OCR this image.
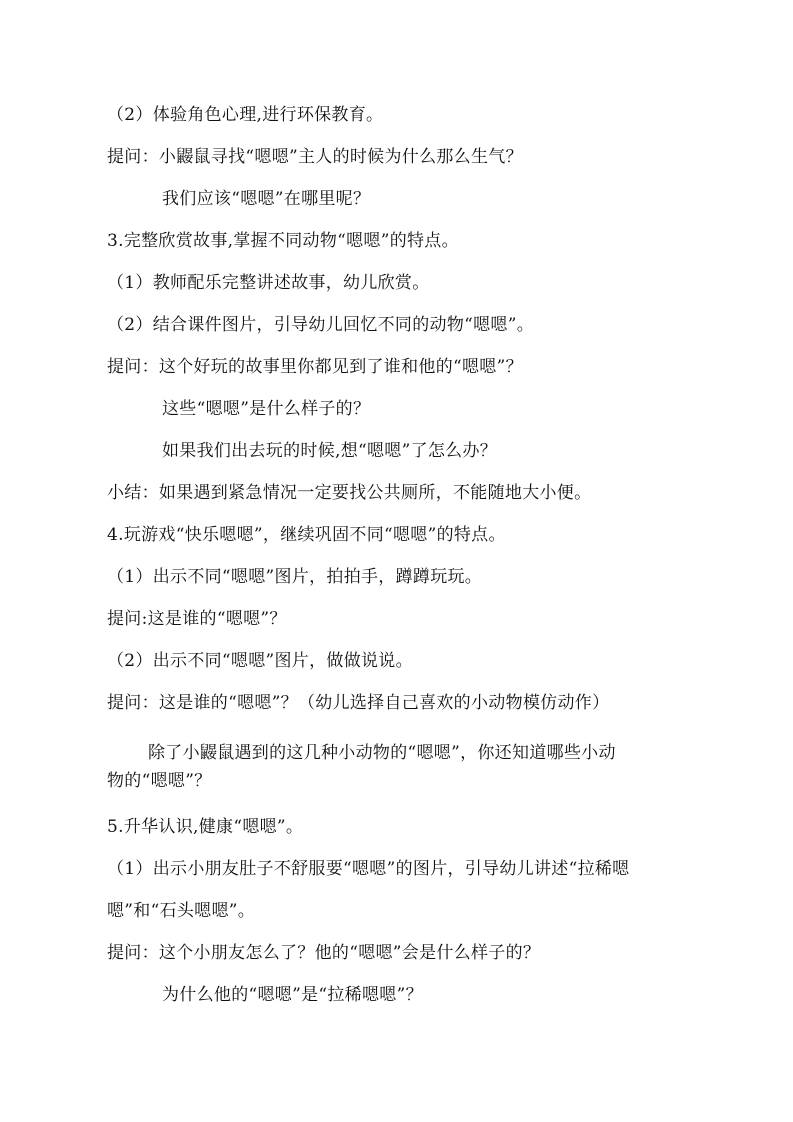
（2）体验角色心理,进行环保教育。
提问：小鼹鼠寻找“嗯嗯”主人的时候为什么那么生气？
我们应该“嗯嗯”在哪里呢？
3.完整欣赏故事,掌握不同动物“嗯嗯”的特点。
（1）教师配乐完整讲述故事，幼儿欣赏。
（2）结合课件图片，引导幼儿回忆不同的动物“嗯嗯”。
提问：这个好玩的故事里你都见到了谁和他的“嗯嗯”？
这些“嗯嗯”是什么样子的？
如果我们出去玩的时候,想“嗯嗯”了怎么办？
小结：如果遇到紧急情况一定要找公共厕所，不能随地大小便。
4.玩游戏“快乐嗯嗯”，继续巩固不同“嗯嗯”的特点。
（1）出示不同“嗯嗯”图片，拍拍手，蹲蹲玩玩。
提问:这是谁的“嗯嗯”？
（2）出示不同“嗯嗯”图片，做做说说。
提问：这是谁的“嗯嗯”？（幼儿选择自己喜欢的小动物模仿动作）
除了小鼹鼠遇到的这几种小动物的“嗯嗯”，你还知道哪些小动
物的“嗯嗯”？
5.升华认识,健康“嗯嗯”。
（1）出示小朋友肚子不舒服要“嗯嗯”的图片，引导幼儿讲述“拉稀嗯
嗯”和“石头嗯嗯”。
提问：这个小朋友怎么了？他的“嗯嗯”会是什么样子的？
为什么他的“嗯嗯”是“拉稀嗯嗯”？
